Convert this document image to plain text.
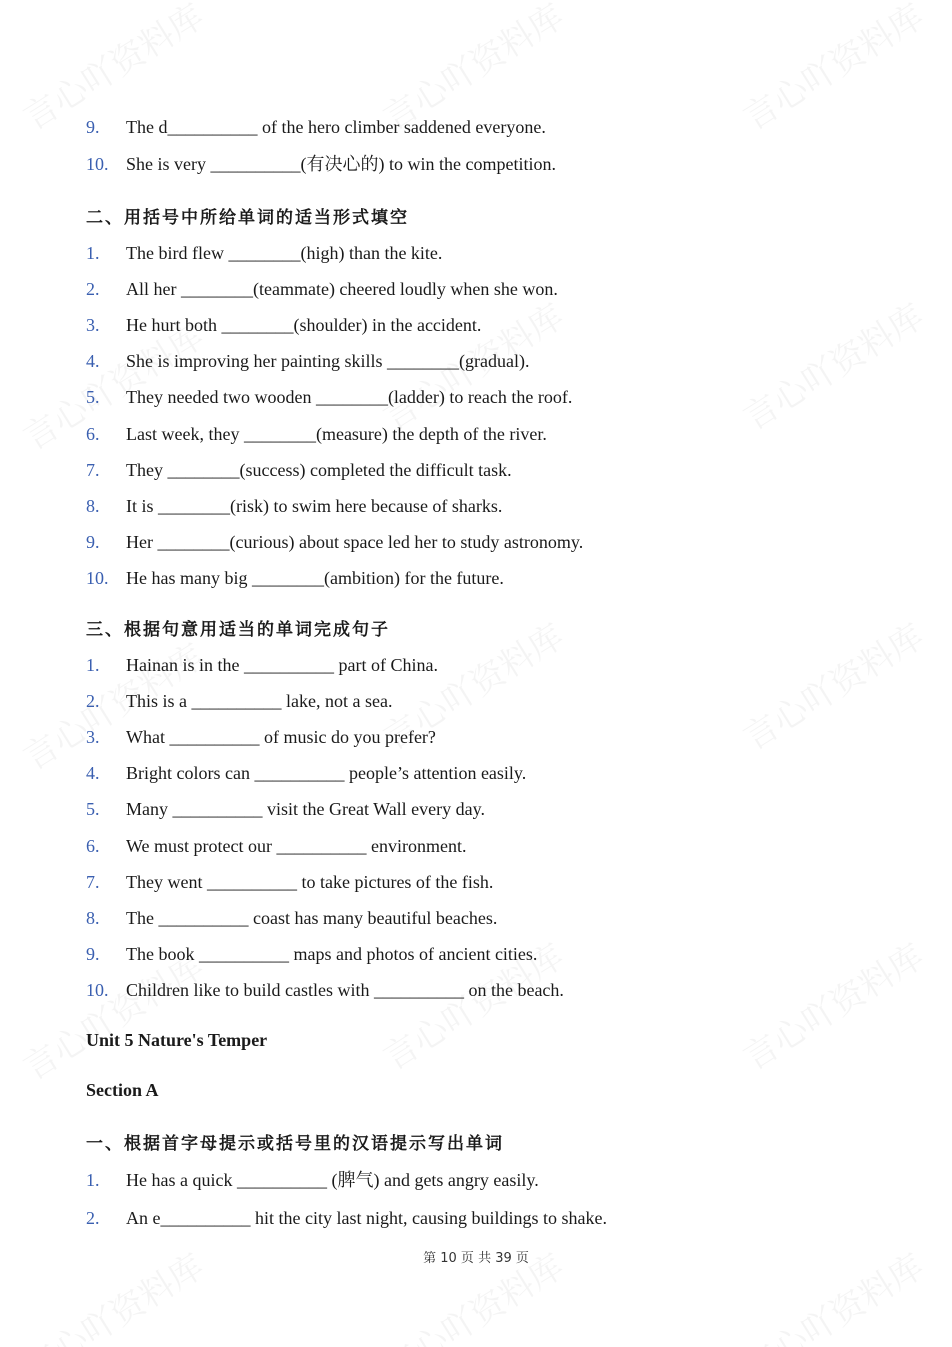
9. The d__________ of the hero climber saddened everyone.
10. She is very __________(有决心的) to win the competition.
二、用括号中所给单词的适当形式填空
1. The bird flew ________(high) than the kite.
2. All her ________(teammate) cheered loudly when she won.
3. He hurt both ________(shoulder) in the accident.
4. She is improving her painting skills ________(gradual).
5. They needed two wooden ________(ladder) to reach the roof.
6. Last week, they ________(measure) the depth of the river.
7. They ________(success) completed the difficult task.
8. It is ________(risk) to swim here because of sharks.
9. Her ________(curious) about space led her to study astronomy.
10. He has many big ________(ambition) for the future.
三、根据句意用适当的单词完成句子
1. Hainan is in the __________ part of China.
2. This is a __________ lake, not a sea.
3. What __________ of music do you prefer?
4. Bright colors can __________ people’s attention easily.
5. Many __________ visit the Great Wall every day.
6. We must protect our __________ environment.
7. They went __________ to take pictures of the fish.
8. The __________ coast has many beautiful beaches.
9. The book __________ maps and photos of ancient cities.
10. Children like to build castles with __________ on the beach.
Unit 5 Nature's Temper
Section A
一、根据首字母提示或括号里的汉语提示写出单词
1. He has a quick __________ (脾气) and gets angry easily.
2. An e__________ hit the city last night, causing buildings to shake.
第 10 页 共 39 页
